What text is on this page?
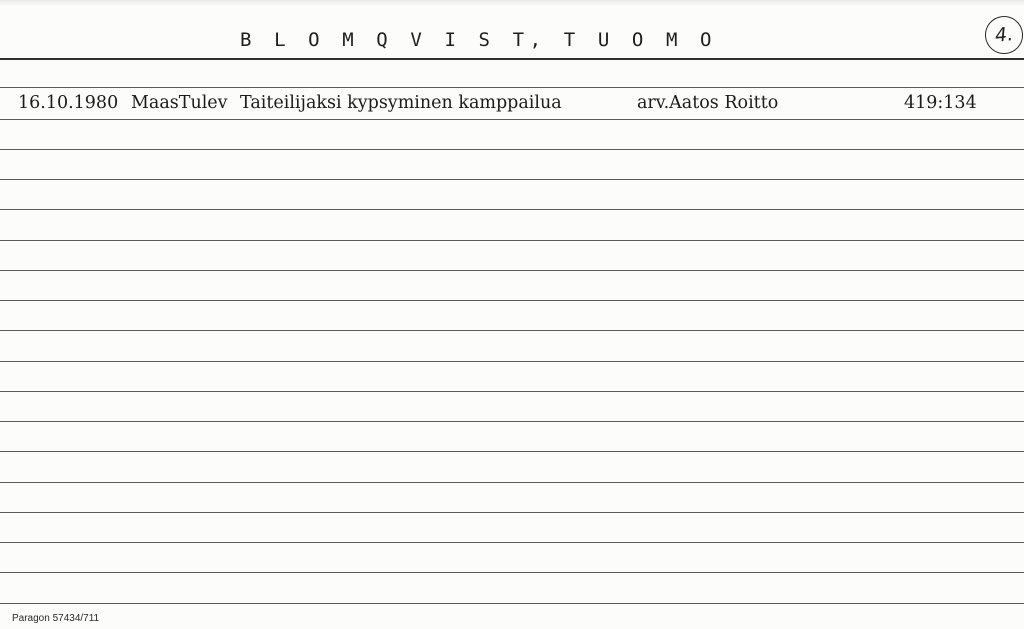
B L O M Q V I S T, T U O M O	4.
16.10.1980 MaasTulev Taiteilijaksi kypsyminen kamppailua	arv.Aatos Roitto	419:134
Paragon 57434/711
